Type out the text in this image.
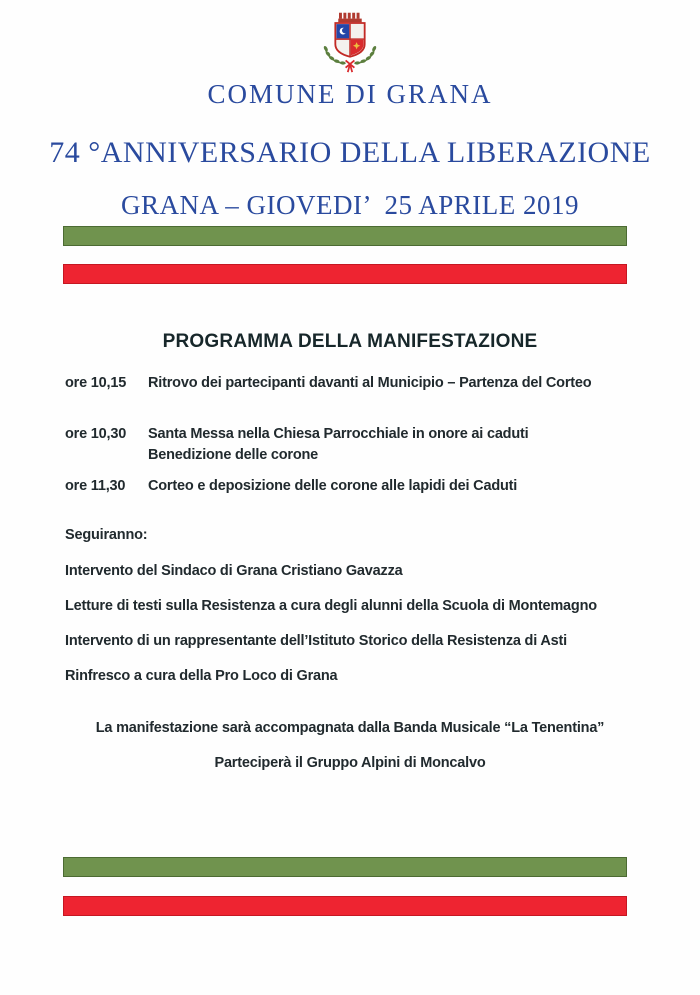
COMUNE DI GRANA
74 °ANNIVERSARIO DELLA LIBERAZIONE
GRANA – GIOVEDI’  25 APRILE 2019
PROGRAMMA DELLA MANIFESTAZIONE
ore 10,15	Ritrovo dei partecipanti davanti al Municipio – Partenza del Corteo
ore 10,30	Santa Messa nella Chiesa Parrocchiale in onore ai caduti
Benedizione delle corone
ore 11,30	Corteo e deposizione delle corone alle lapidi dei Caduti
Seguiranno:
Intervento del Sindaco di Grana Cristiano Gavazza
Letture di testi sulla Resistenza a cura degli alunni della Scuola di Montemagno
Intervento di un rappresentante dell’Istituto Storico della Resistenza di Asti
Rinfresco a cura della Pro Loco di Grana
La manifestazione sarà accompagnata dalla Banda Musicale “La Tenentina”
Parteciperà il Gruppo Alpini di Moncalvo
